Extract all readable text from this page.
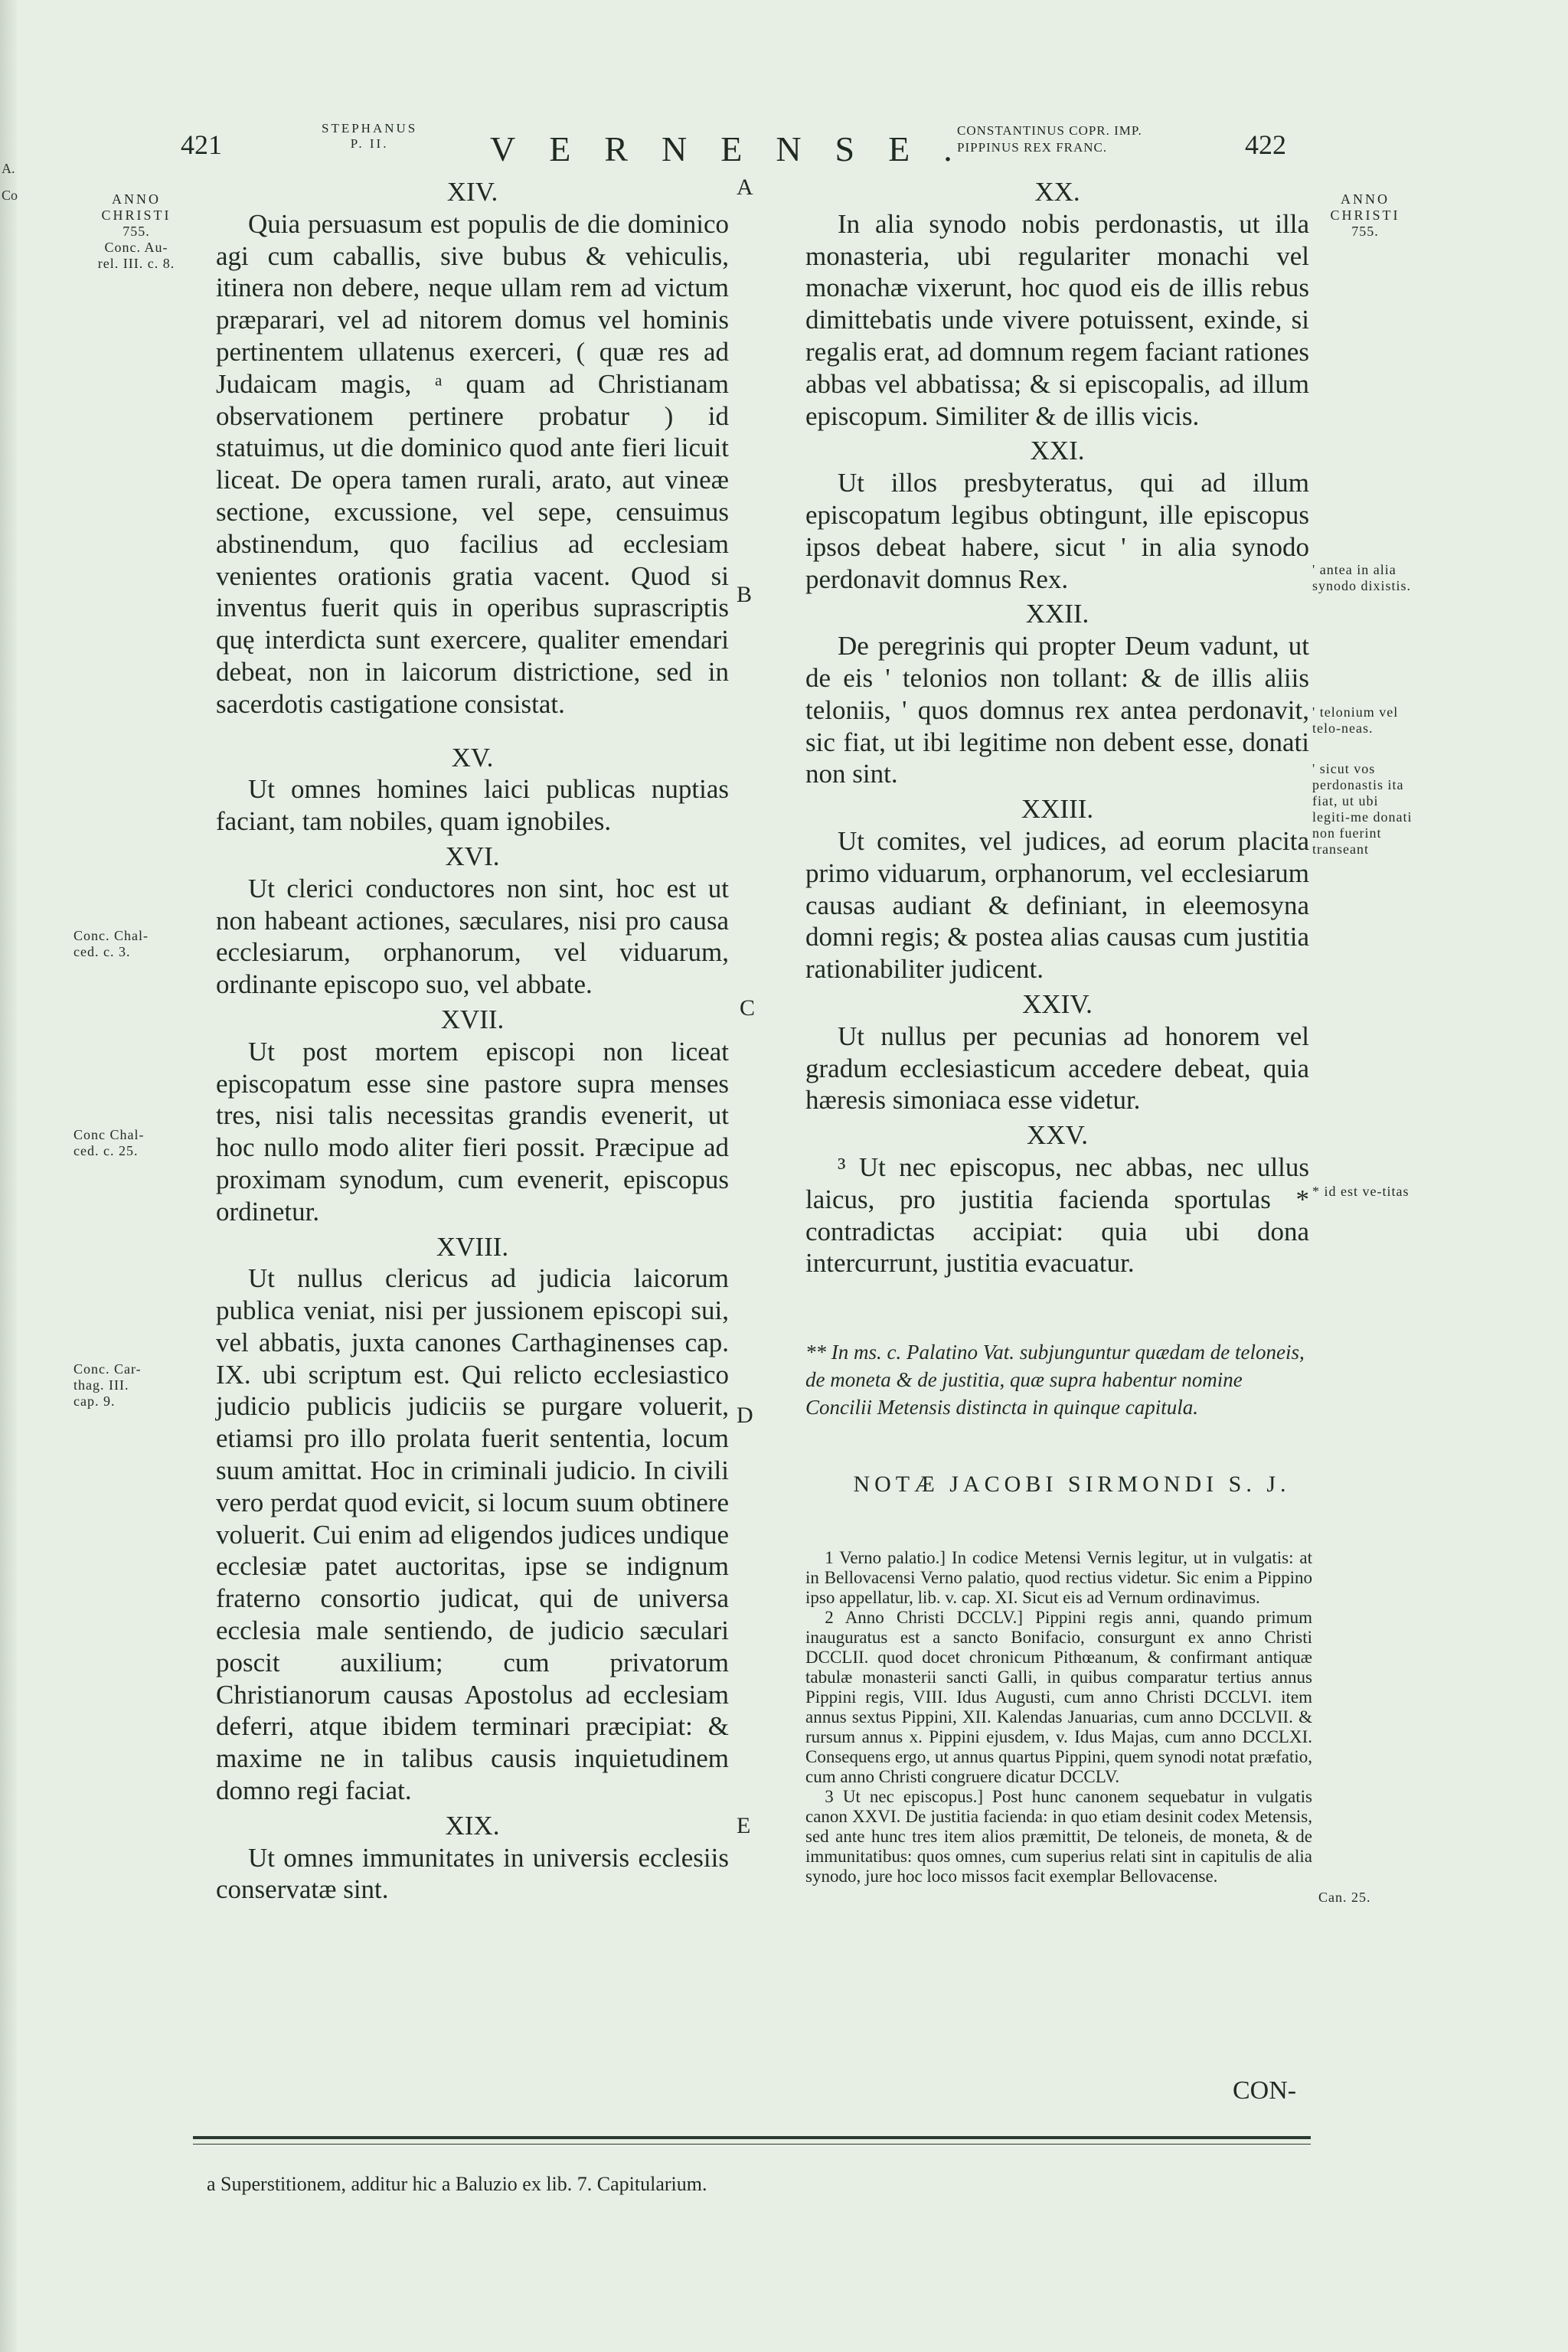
A.
Co
421
STEPHANUS
P. II.	VERNENSE.
CONSTANTINUS COPR. IMP.
PIPPINUS REX FRANC.	422
ANNO
CHRISTI
755.
Conc. Au-
rel. III. c. 8.
Conc. Chal-
ced. c. 3.
Conc Chal-
ced. c. 25.
Conc. Car-
thag. III.
cap. 9.
A
B
C
D
E
XIV.

Quia persuasum est populis de die dominico agi cum caballis, sive bubus & vehiculis, itinera non debere, neque ullam rem ad victum præparari, vel ad nitorem domus vel hominis pertinentem ullatenus exerceri, ( quæ res ad Judaicam magis, ᵃ quam ad Christianam observationem pertinere probatur ) id statuimus, ut die dominico quod ante fieri licuit liceat. De opera tamen rurali, arato, aut vineæ sectione, excussione, vel sepe, censuimus abstinendum, quo facilius ad ecclesiam venientes orationis gratia vacent. Quod si inventus fuerit quis in operibus suprascriptis quę interdicta sunt exercere, qualiter emendari debeat, non in laicorum districtione, sed in sacerdotis castigatione consistat.

XV.

Ut omnes homines laici publicas nuptias faciant, tam nobiles, quam ignobiles.

XVI.

Ut clerici conductores non sint, hoc est ut non habeant actiones, sæculares, nisi pro causa ecclesiarum, orphanorum, vel viduarum, ordinante episcopo suo, vel abbate.

XVII.

Ut post mortem episcopi non liceat episcopatum esse sine pastore supra menses tres, nisi talis necessitas grandis evenerit, ut hoc nullo modo aliter fieri possit. Præcipue ad proximam synodum, cum evenerit, episcopus ordinetur.

XVIII.

Ut nullus clericus ad judicia laicorum publica veniat, nisi per jussionem episcopi sui, vel abbatis, juxta canones Carthaginenses cap. IX. ubi scriptum est. Qui relicto ecclesiastico judicio publicis judiciis se purgare voluerit, etiamsi pro illo prolata fuerit sententia, locum suum amittat. Hoc in criminali judicio. In civili vero perdat quod evicit, si locum suum obtinere voluerit. Cui enim ad eligendos judices undique ecclesiæ patet auctoritas, ipse se indignum fraterno consortio judicat, qui de universa ecclesia male sentiendo, de judicio sæculari poscit auxilium; cum privatorum Christianorum causas Apostolus ad ecclesiam deferri, atque ibidem terminari præcipiat: & maxime ne in talibus causis inquietudinem domno regi faciat.

XIX.

Ut omnes immunitates in universis ecclesiis conservatæ sint.

XX.

In alia synodo nobis perdonastis, ut illa monasteria, ubi regulariter monachi vel monachæ vixerunt, hoc quod eis de illis rebus dimittebatis unde vivere potuissent, exinde, si regalis erat, ad domnum regem faciant rationes abbas vel abbatissa; & si episcopalis, ad illum episcopum. Similiter & de illis vicis.

XXI.

Ut illos presbyteratus, qui ad illum episcopatum legibus obtingunt, ille episcopus ipsos debeat habere, sicut ' in alia synodo perdonavit domnus Rex.

XXII.

De peregrinis qui propter Deum vadunt, ut de eis ' telonios non tollant: & de illis aliis teloniis, ' quos domnus rex antea perdonavit, sic fiat, ut ibi legitime non debent esse, donati non sint.

XXIII.

Ut comites, vel judices, ad eorum placita primo viduarum, orphanorum, vel ecclesiarum causas audiant & definiant, in eleemosyna domni regis; & postea alias causas cum justitia rationabiliter judicent.

XXIV.

Ut nullus per pecunias ad honorem vel gradum ecclesiasticum accedere debeat, quia hæresis simoniaca esse videtur.

XXV.

³ Ut nec episcopus, nec abbas, nec ullus laicus, pro justitia facienda sportulas * contradictas accipiat: quia ubi dona intercurrunt, justitia evacuatur.

ANNO
CHRISTI
755.
' antea in alia synodo dixistis.
' telonium vel telo-neas.
' sicut vos perdonastis ita fiat, ut ubi legiti-me donati non fuerint transeant
* id est ve-titas
Can. 25.
** In ms. c. Palatino Vat. subjunguntur quædam de teloneis, de moneta & de justitia, quæ supra habentur nomine Concilii Metensis distincta in quinque capitula.
NOTÆ JACOBI SIRMONDI S. J.

1 Verno palatio.] In codice Metensi Vernis legitur, ut in vulgatis: at in Bellovacensi Verno palatio, quod rectius videtur. Sic enim a Pippino ipso appellatur, lib. v. cap. XI. Sicut eis ad Vernum ordinavimus.

2 Anno Christi DCCLV.] Pippini regis anni, quando primum inauguratus est a sancto Bonifacio, consurgunt ex anno Christi DCCLII. quod docet chronicum Pithœanum, & confirmant antiquæ tabulæ monasterii sancti Galli, in quibus comparatur tertius annus Pippini regis, VIII. Idus Augusti, cum anno Christi DCCLVI. item annus sextus Pippini, XII. Kalendas Januarias, cum anno DCCLVII. & rursum annus x. Pippini ejusdem, v. Idus Majas, cum anno DCCLXI. Consequens ergo, ut annus quartus Pippini, quem synodi notat præfatio, cum anno Christi congruere dicatur DCCLV.

3 Ut nec episcopus.] Post hunc canonem sequebatur in vulgatis canon XXVI. De justitia facienda: in quo etiam desinit codex Metensis, sed ante hunc tres item alios præmittit, De teloneis, de moneta, & de immunitatibus: quos omnes, cum superius relati sint in capitulis de alia synodo, jure hoc loco missos facit exemplar Bellovacense.

CON-
a Superstitionem, additur hic a Baluzio ex lib. 7. Capitularium.
